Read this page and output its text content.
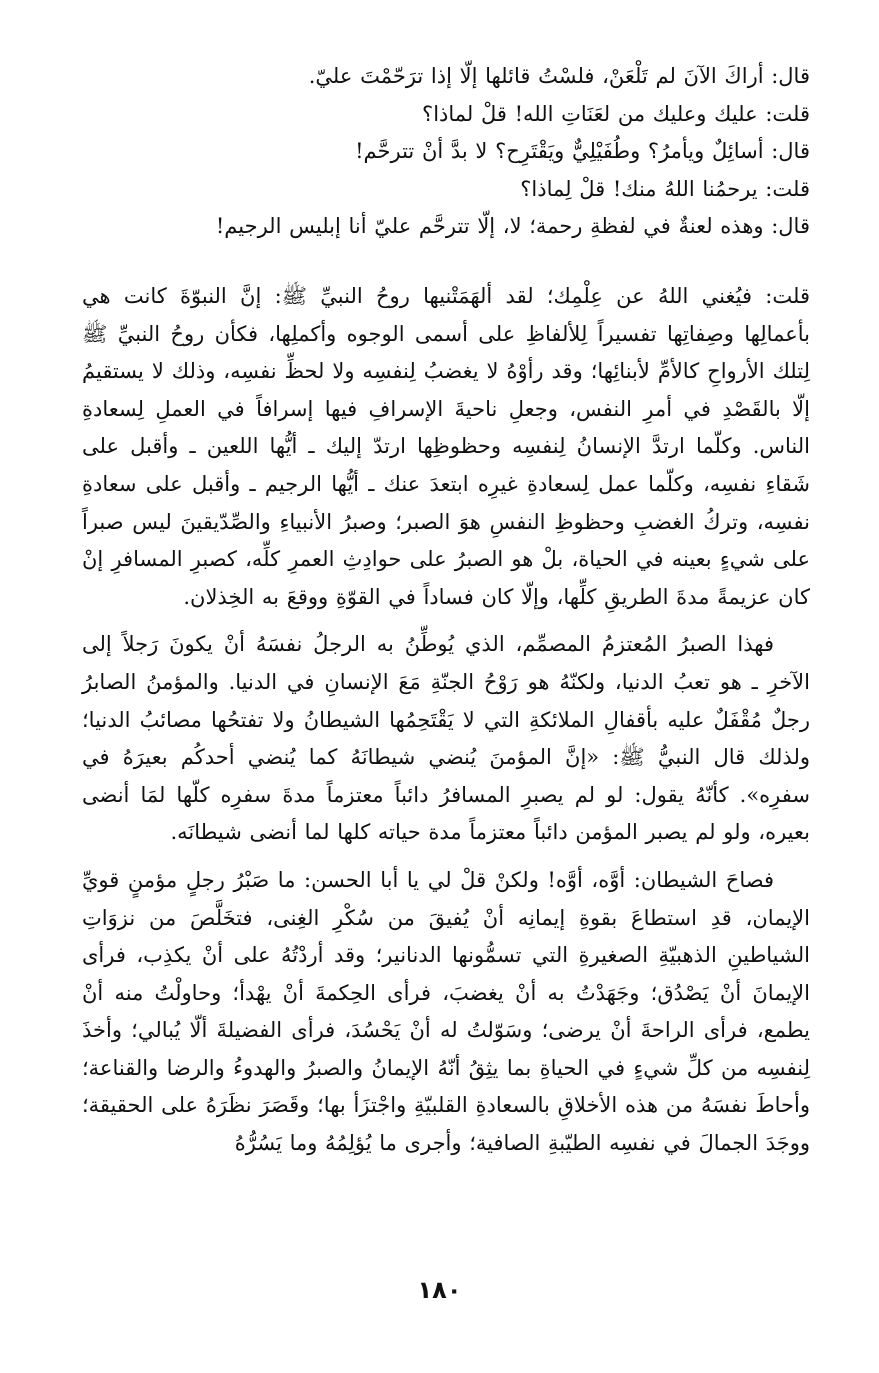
قال: أراكَ الآنَ لم تَلْعَنْ، فلسْتُ قائلها إلّا إذا ترَحّمْتَ عليّ.
قلت: عليك وعليك من لعَنَاتِ الله! قلْ لماذا؟
قال: أسائِلٌ ويأمرُ؟ وطُفَيْلِيٌّ ويَقْتَرِح؟ لا بدَّ أنْ تترحَّم!
قلت: يرحمُنا اللهُ منك! قلْ لِماذا؟
قال: وهذه لعنةٌ في لفظةِ رحمة؛ لا، إلّا تترحَّم عليّ أنا إبليس الرجيم!

قلت: فيُغني اللهُ عن عِلْمِك؛ لقد ألهَمَتْنيها روحُ النبيِّ ﷺ: إنَّ النبوّةَ كانت هي بأعمالِها وصِفاتِها تفسيراً لِلألفاظِ على أسمى الوجوه وأكملِها، فكأن روحُ النبيِّ ﷺ لِتلك الأرواحِ كالأمِّ لأبنائِها؛ وقد رأوْهُ لا يغضبُ لِنفسِه ولا لحظِّ نفسِه، وذلك لا يستقيمُ إلّا بالقَصْدِ في أمرِ النفس، وجعلِ ناحيةَ الإسرافِ فيها إسرافاً في العملِ لِسعادةِ الناس. وكلّما ارتدَّ الإنسانُ لِنفسِه وحظوظِها ارتدّ إليك ـ أيُّها اللعين ـ وأقبل على شَقاءِ نفسِه، وكلّما عمل لِسعادةِ غيرِه ابتعدَ عنك ـ أيُّها الرجيم ـ وأقبل على سعادةِ نفسِه، وتركُ الغضبِ وحظوظِ النفسِ هوَ الصبر؛ وصبرُ الأنبياءِ والصِّدّيقينَ ليس صبراً على شيءٍ بعينه في الحياة، بلْ هو الصبرُ على حوادِثِ العمرِ كلِّه، كصبرِ المسافرِ إنْ كان عزيمةً مدةَ الطريقِ كلِّها، وإلّا كان فساداً في القوّةِ ووقعَ به الخِذلان.

فهذا الصبرُ المُعتزمُ المصمِّم، الذي يُوطِّنُ به الرجلُ نفسَهُ أنْ يكونَ رَجلاً إلى الآخرِ ـ هو تعبُ الدنيا، ولكنّهُ هو رَوْحُ الجنّةِ مَعَ الإنسانِ في الدنيا. والمؤمنُ الصابرُ رجلٌ مُقْفَلٌ عليه بأقفالِ الملائكةِ التي لا يَقْتَحِمُها الشيطانُ ولا تفتحُها مصائبُ الدنيا؛ ولذلك قال النبيُّ ﷺ: «إنَّ المؤمنَ يُنضي شيطانَهُ كما يُنضي أحدكُم بعيرَهُ في سفرِه». كأنّهُ يقول: لو لم يصبرِ المسافرُ دائباً معتزماً مدةَ سفرِه كلّها لمَا أنضى بعيره، ولو لم يصبر المؤمن دائباً معتزماً مدة حياته كلها لما أنضى شيطانَه.

فصاحَ الشيطان: أوَّه، أوَّه! ولكنْ قلْ لي يا أبا الحسن: ما صَبْرُ رجلٍ مؤمنٍ قويِّ الإيمان، قدِ استطاعَ بقوةِ إيمانِه أنْ يُفيقَ من سُكْرِ الغِنى، فتخَلَّصَ من نزوَاتِ الشياطينِ الذهبيّةِ الصغيرةِ التي تسمُّونها الدنانير؛ وقد أردْتُهُ على أنْ يكذِب، فرأى الإيمانَ أنْ يَصْدُق؛ وجَهَدْتُ به أنْ يغضبَ، فرأى الحِكمةَ أنْ يهْدأ؛ وحاولْتُ منه أنْ يطمع، فرأى الراحةَ أنْ يرضى؛ وسَوّلتُ له أنْ يَحْسُدَ، فرأى الفضيلةَ ألّا يُبالي؛ وأخذَ لِنفسِه من كلِّ شيءٍ في الحياةِ بما يثِقُ أنّهُ الإيمانُ والصبرُ والهدوءُ والرضا والقناعة؛ وأحاطَ نفسَهُ من هذه الأخلاقِ بالسعادةِ القلبيّةِ واجْتزَأ بها؛ وقَصَرَ نظَرَهُ على الحقيقة؛ ووجَدَ الجمالَ في نفسِه الطيّبةِ الصافية؛ وأجرى ما يُؤلِمُهُ وما يَسُرُّهُ

١٨٠
